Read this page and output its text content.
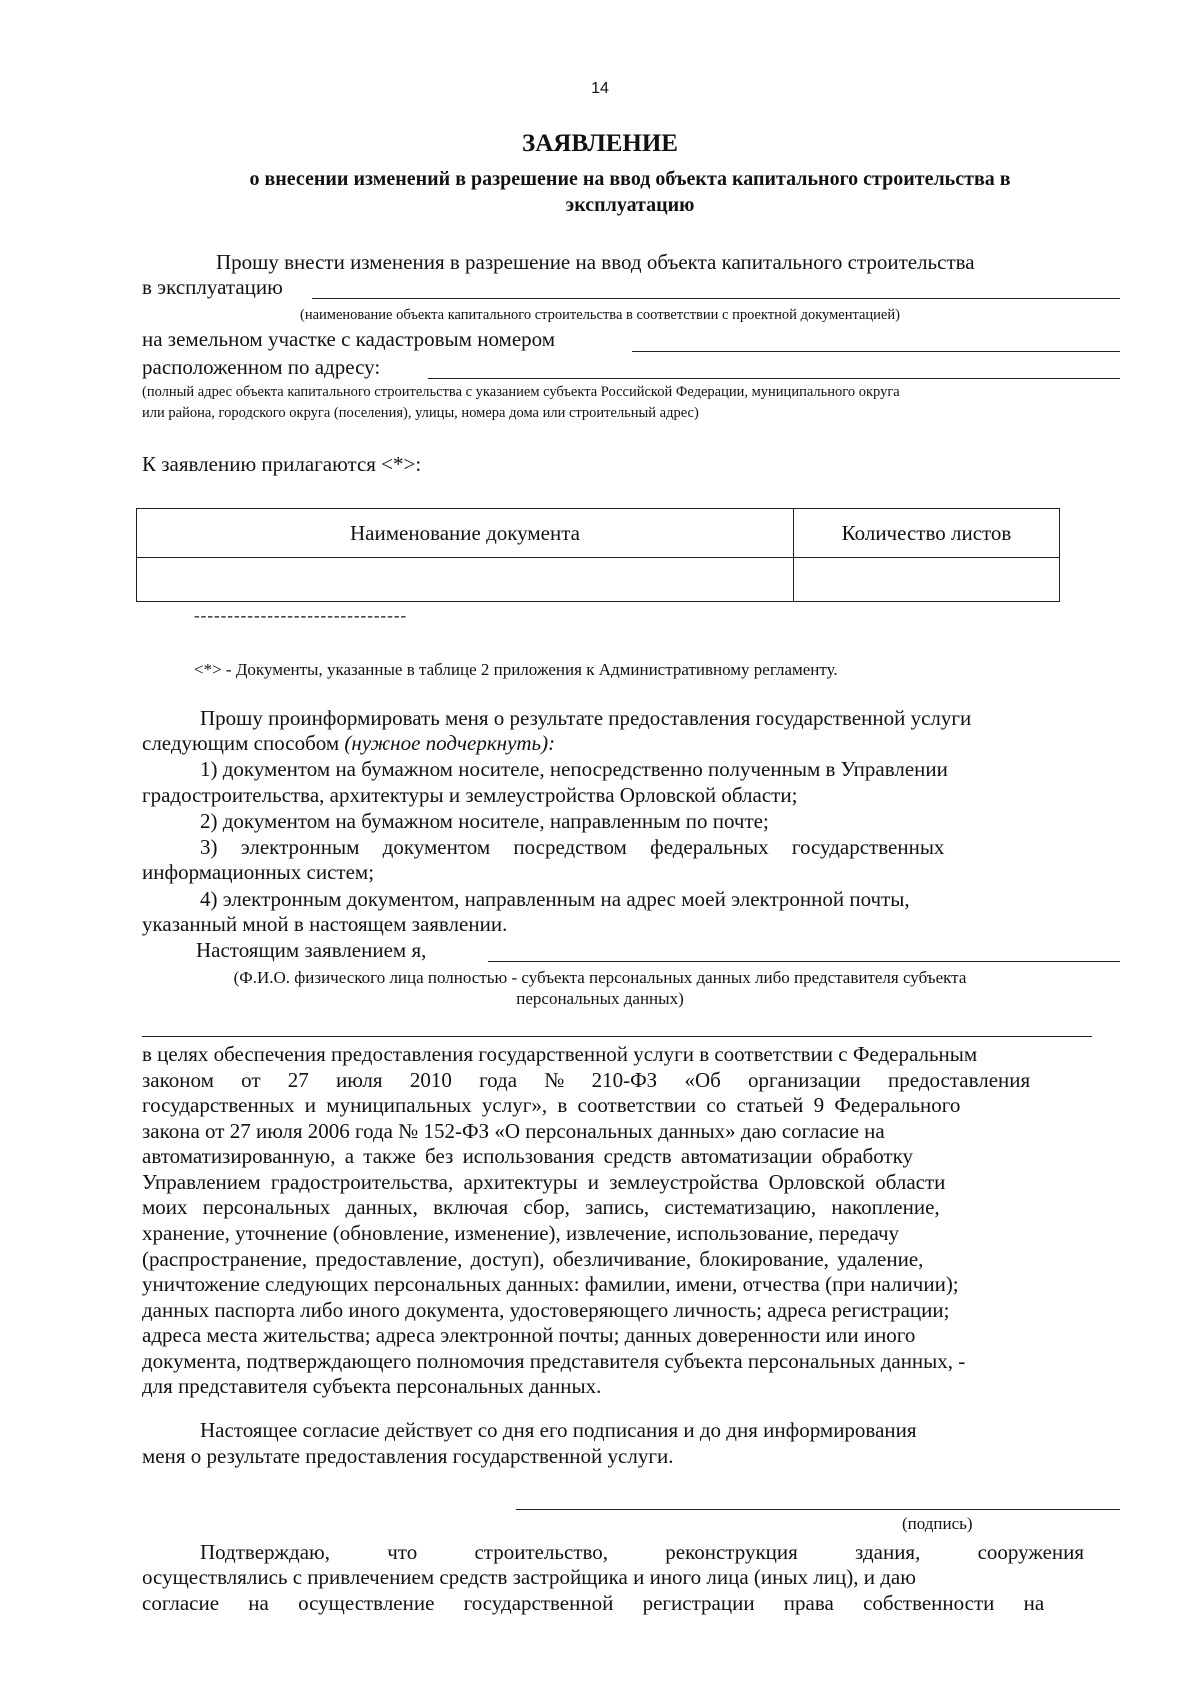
14
ЗАЯВЛЕНИЕ
о внесении изменений в разрешение на ввод объекта капитального строительства в
эксплуатацию
Прошу внести изменения в разрешение на ввод объекта капитального строительства
в эксплуатацию
(наименование объекта капитального строительства в соответствии с проектной документацией)
на земельном участке с кадастровым номером
расположенном по адресу:
(полный адрес объекта капитального строительства с указанием субъекта Российской Федерации, муниципального округа
или района, городского округа (поселения), улицы, номера дома или строительный адрес)
К заявлению прилагаются <*>:
Наименование документа	Количество листов

--------------------------------
<*> - Документы, указанные в таблице 2 приложения к Административному регламенту.
Прошу проинформировать меня о результате предоставления государственной услуги
следующим способом (нужное подчеркнуть):
1) документом на бумажном носителе, непосредственно полученным в Управлении
градостроительства, архитектуры и землеустройства Орловской области;
2) документом на бумажном носителе, направленным по почте;
3) электронным документом посредством федеральных государственных
информационных систем;
4) электронным документом, направленным на адрес моей электронной почты,
указанный мной в настоящем заявлении.
Настоящим заявлением я,
(Ф.И.О. физического лица полностью - субъекта персональных данных либо представителя субъекта
персональных данных)
в целях обеспечения предоставления государственной услуги в соответствии с Федеральным
законом от 27 июля 2010 года № 210-ФЗ «Об организации предоставления
государственных и муниципальных услуг», в соответствии со статьей 9 Федерального
закона от 27 июля 2006 года № 152-ФЗ «О персональных данных» даю согласие на
автоматизированную, а также без использования средств автоматизации обработку
Управлением градостроительства, архитектуры и землеустройства Орловской области
моих персональных данных, включая сбор, запись, систематизацию, накопление,
хранение, уточнение (обновление, изменение), извлечение, использование, передачу
(распространение, предоставление, доступ), обезличивание, блокирование, удаление,
уничтожение следующих персональных данных: фамилии, имени, отчества (при наличии);
данных паспорта либо иного документа, удостоверяющего личность; адреса регистрации;
адреса места жительства; адреса электронной почты; данных доверенности или иного
документа, подтверждающего полномочия представителя субъекта персональных данных, -
для представителя субъекта персональных данных.
Настоящее согласие действует со дня его подписания и до дня информирования
меня о результате предоставления государственной услуги.
(подпись)
Подтверждаю, что строительство, реконструкция здания, сооружения
осуществлялись с привлечением средств застройщика и иного лица (иных лиц), и даю
согласие на осуществление государственной регистрации права собственности на
